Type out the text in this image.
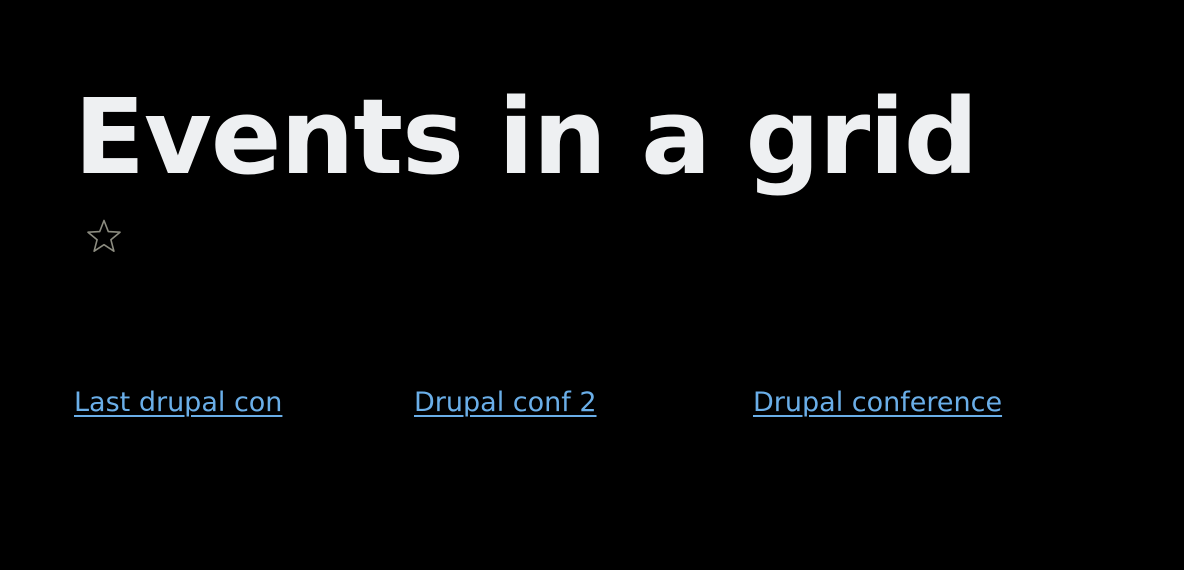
Events in a grid
Last drupal con	Drupal conf 2	Drupal conference
